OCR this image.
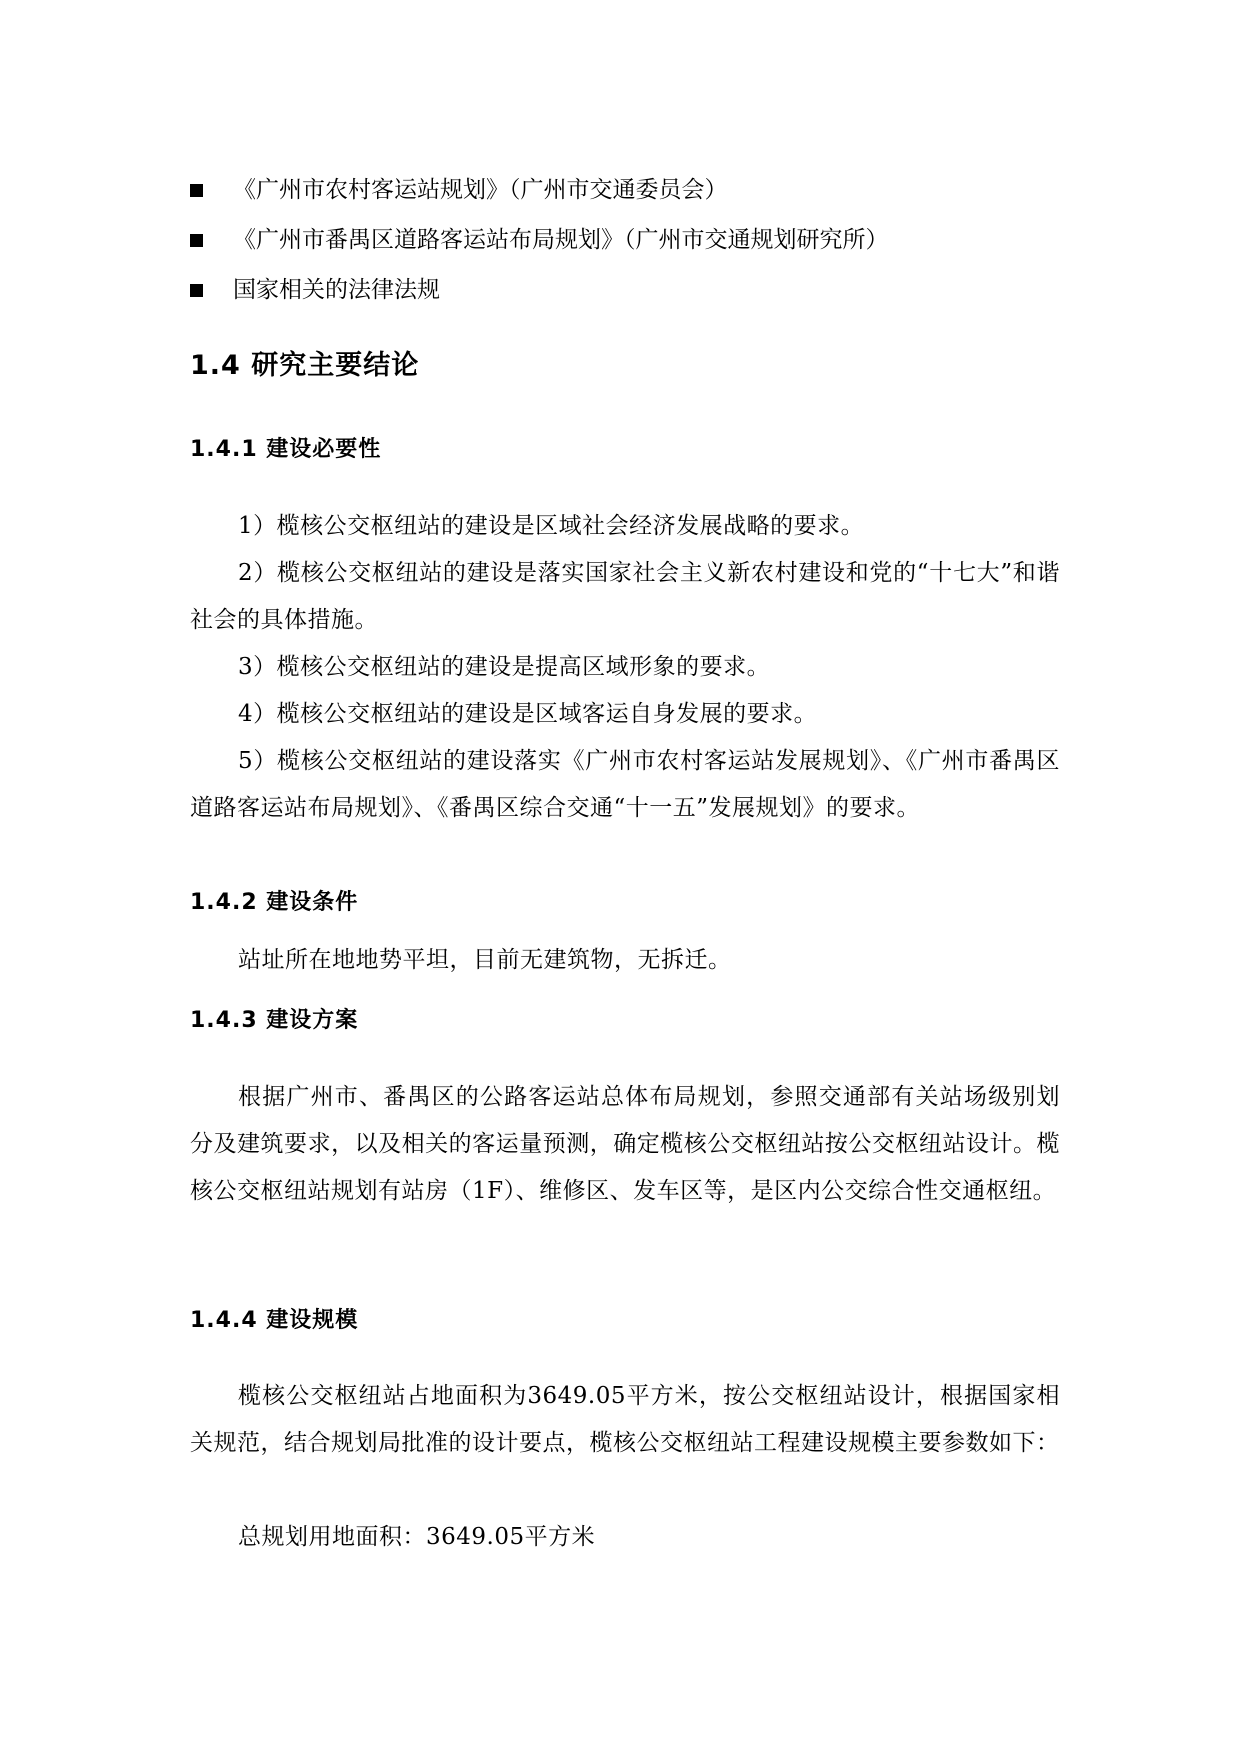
《广州市农村客运站规划》（广州市交通委员会）
《广州市番禺区道路客运站布局规划》（广州市交通规划研究所）
国家相关的法律法规
1.4 研究主要结论
1.4.1 建设必要性

1）榄核公交枢纽站的建设是区域社会经济发展战略的要求。

2）榄核公交枢纽站的建设是落实国家社会主义新农村建设和党的“十七大”和谐社会的具体措施。

3）榄核公交枢纽站的建设是提高区域形象的要求。

4）榄核公交枢纽站的建设是区域客运自身发展的要求。

5）榄核公交枢纽站的建设落实《广州市农村客运站发展规划》、《广州市番禺区道路客运站布局规划》、《番禺区综合交通“十一五”发展规划》的要求。

1.4.2 建设条件

站址所在地地势平坦，目前无建筑物，无拆迁。

1.4.3 建设方案

根据广州市、番禺区的公路客运站总体布局规划，参照交通部有关站场级别划分及建筑要求，以及相关的客运量预测，确定榄核公交枢纽站按公交枢纽站设计。榄核公交枢纽站规划有站房（1F）、维修区、发车区等，是区内公交综合性交通枢纽。

1.4.4 建设规模

榄核公交枢纽站占地面积为3649.05平方米，按公交枢纽站设计，根据国家相关规范，结合规划局批准的设计要点，榄核公交枢纽站工程建设规模主要参数如下：

总规划用地面积：3649.05平方米
